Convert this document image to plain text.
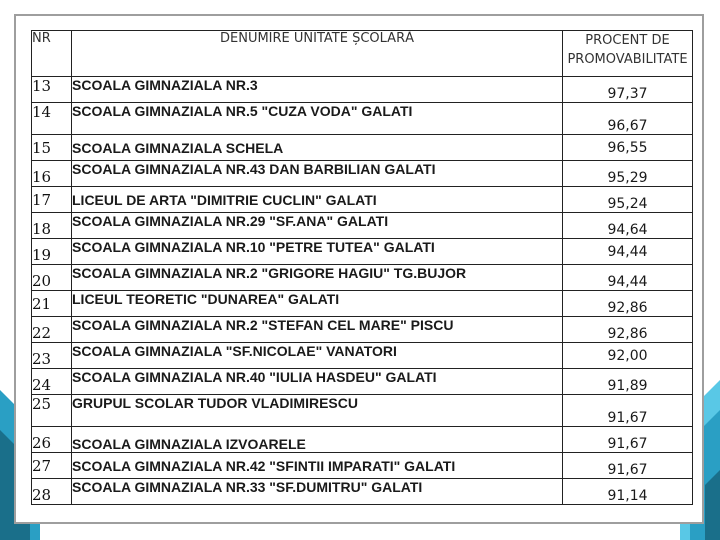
NR	DENUMIRE UNITATE ȘCOLARĂ	PROCENT DE
PROMOVABILITATE

13	SCOALA GIMNAZIALA NR.3	97,37
14	SCOALA GIMNAZIALA NR.5 "CUZA VODA" GALATI	96,67
15	SCOALA GIMNAZIALA SCHELA	96,55
16	SCOALA GIMNAZIALA NR.43 DAN BARBILIAN GALATI	95,29
17	LICEUL DE ARTA "DIMITRIE CUCLIN" GALATI	95,24
18	SCOALA GIMNAZIALA NR.29 "SF.ANA" GALATI	94,64
19	SCOALA GIMNAZIALA NR.10 "PETRE TUTEA" GALATI	94,44
20	SCOALA GIMNAZIALA NR.2 "GRIGORE HAGIU" TG.BUJOR	94,44
21	LICEUL TEORETIC "DUNAREA" GALATI	92,86
22	SCOALA GIMNAZIALA NR.2 "STEFAN CEL MARE" PISCU	92,86
23	SCOALA GIMNAZIALA "SF.NICOLAE" VANATORI	92,00
24	SCOALA GIMNAZIALA NR.40 "IULIA HASDEU" GALATI	91,89
25	GRUPUL SCOLAR TUDOR VLADIMIRESCU	91,67
26	SCOALA GIMNAZIALA IZVOARELE	91,67
27	SCOALA GIMNAZIALA NR.42 "SFINTII IMPARATI" GALATI	91,67
28	SCOALA GIMNAZIALA NR.33 "SF.DUMITRU" GALATI	91,14
